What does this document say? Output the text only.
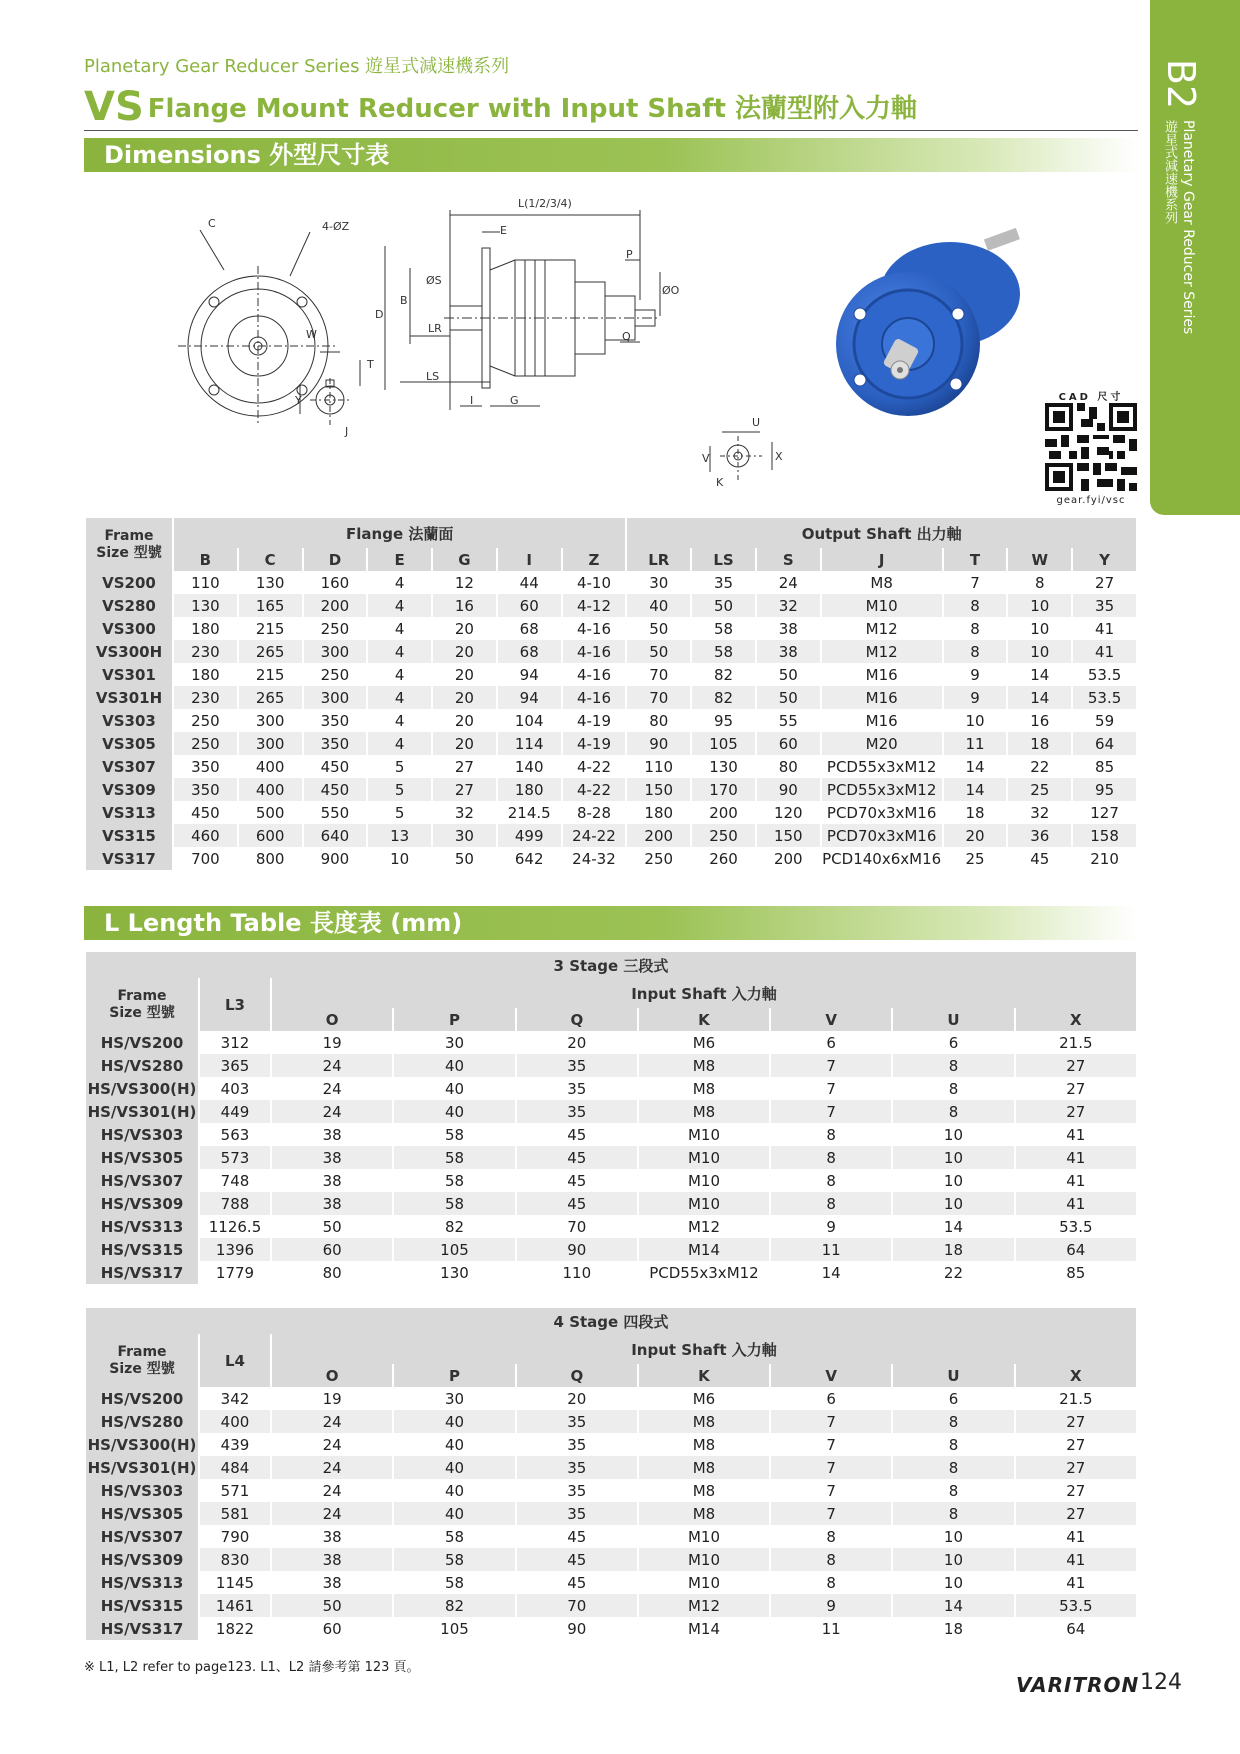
Planetary Gear Reducer Series 遊星式減速機系列
VS Flange Mount Reducer with Input Shaft 法蘭型附入力軸	B2
Planetary Gear Reducer Series
遊星式減速機系列
Dimensions 外型尺寸表
C	4-ØZ
W
T
Y
J
L(1/2/3/4)
E
D
B
ØS
LR
LS
I	G
P
ØO
Q
U
V	X
K
CAD 尺寸
gear.fyi/vsc
Frame Size 型號	Flange 法蘭面							Output Shaft 出力軸						
	B	C	D	E	G	I	Z	LR	LS	S	J	T	W	Y
VS200	110	130	160	4	12	44	4-10	30	35	24	M8	7	8	27
VS280	130	165	200	4	16	60	4-12	40	50	32	M10	8	10	35
VS300	180	215	250	4	20	68	4-16	50	58	38	M12	8	10	41
VS300H	230	265	300	4	20	68	4-16	50	58	38	M12	8	10	41
VS301	180	215	250	4	20	94	4-16	70	82	50	M16	9	14	53.5
VS301H	230	265	300	4	20	94	4-16	70	82	50	M16	9	14	53.5
VS303	250	300	350	4	20	104	4-19	80	95	55	M16	10	16	59
VS305	250	300	350	4	20	114	4-19	90	105	60	M20	11	18	64
VS307	350	400	450	5	27	140	4-22	110	130	80	PCD55x3xM12	14	22	85
VS309	350	400	450	5	27	180	4-22	150	170	90	PCD55x3xM12	14	25	95
VS313	450	500	550	5	32	214.5	8-28	180	200	120	PCD70x3xM16	18	32	127
VS315	460	600	640	13	30	499	24-22	200	250	150	PCD70x3xM16	20	36	158
VS317	700	800	900	10	50	642	24-32	250	260	200	PCD140x6xM16	25	45	210
L Length Table 長度表 (mm)
3 Stage 三段式								

Frame Size 型號	L3	Input Shaft 入力軸						
		O	P	Q	K	V	U	X
HS/VS200	312	19	30	20	M6	6	6	21.5
HS/VS280	365	24	40	35	M8	7	8	27
HS/VS300(H)	403	24	40	35	M8	7	8	27
HS/VS301(H)	449	24	40	35	M8	7	8	27
HS/VS303	563	38	58	45	M10	8	10	41
HS/VS305	573	38	58	45	M10	8	10	41
HS/VS307	748	38	58	45	M10	8	10	41
HS/VS309	788	38	58	45	M10	8	10	41
HS/VS313	1126.5	50	82	70	M12	9	14	53.5
HS/VS315	1396	60	105	90	M14	11	18	64
HS/VS317	1779	80	130	110	PCD55x3xM12	14	22	85
4 Stage 四段式								

Frame Size 型號	L4	Input Shaft 入力軸						
		O	P	Q	K	V	U	X
HS/VS200	342	19	30	20	M6	6	6	21.5
HS/VS280	400	24	40	35	M8	7	8	27
HS/VS300(H)	439	24	40	35	M8	7	8	27
HS/VS301(H)	484	24	40	35	M8	7	8	27
HS/VS303	571	24	40	35	M8	7	8	27
HS/VS305	581	24	40	35	M8	7	8	27
HS/VS307	790	38	58	45	M10	8	10	41
HS/VS309	830	38	58	45	M10	8	10	41
HS/VS313	1145	38	58	45	M10	8	10	41
HS/VS315	1461	50	82	70	M12	9	14	53.5
HS/VS317	1822	60	105	90	M14	11	18	64
※ L1, L2 refer to page123. L1、L2 請參考第 123 頁。
VARITRON 124
